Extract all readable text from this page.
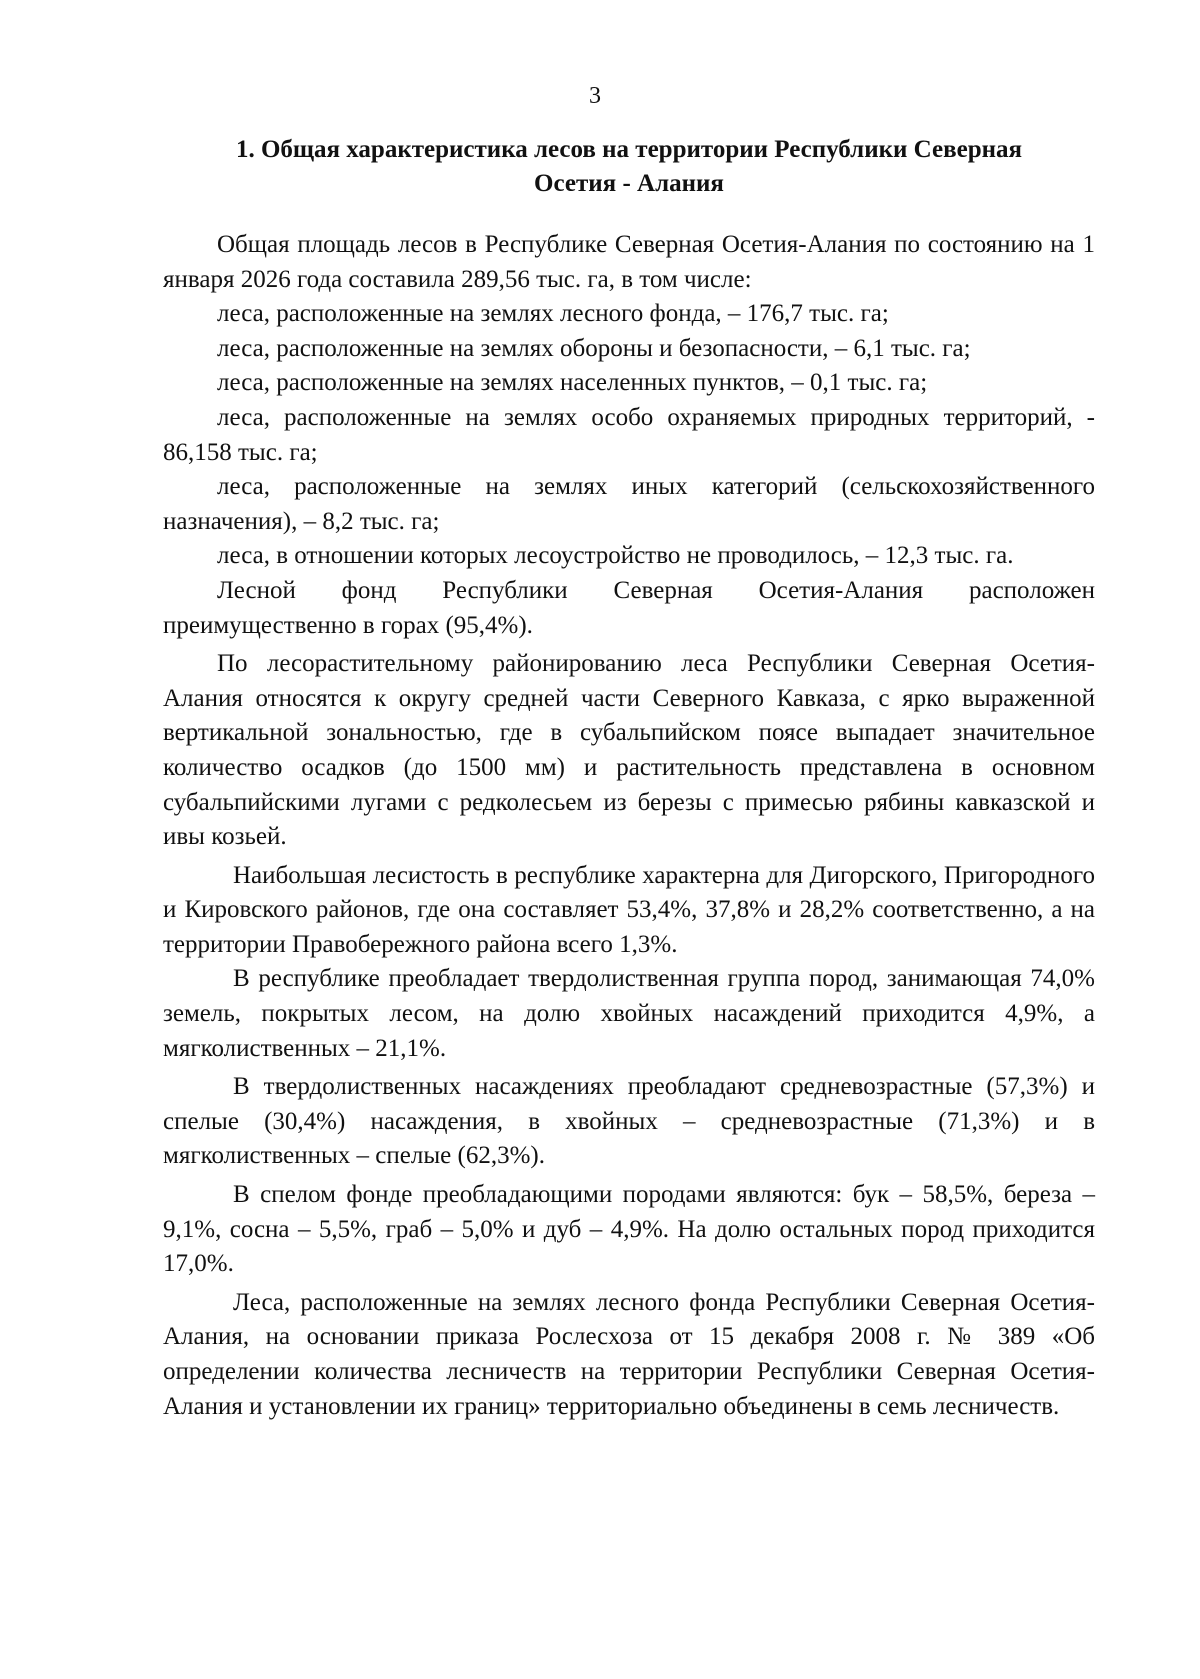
3
1. Общая характеристика лесов на территории Республики Северная
Осетия - Алания

Общая площадь лесов в Республике Северная Осетия-Алания по состоянию на 1 января 2026 года составила 289,56 тыс. га, в том числе:

леса, расположенные на землях лесного фонда, – 176,7 тыс. га;

леса, расположенные на землях обороны и безопасности, – 6,1 тыс. га;

леса, расположенные на землях населенных пунктов, – 0,1 тыс. га;

леса, расположенные на землях особо охраняемых природных территорий, - 86,158 тыс. га;

леса, расположенные на землях иных категорий (сельскохозяйственного назначения), – 8,2 тыс. га;

леса, в отношении которых лесоустройство не проводилось, – 12,3 тыс. га.

Лесной фонд Республики Северная Осетия-Алания расположен преимущественно в горах (95,4%).

По лесорастительному районированию леса Республики Северная Осетия-Алания относятся к округу средней части Северного Кавказа, с ярко выраженной вертикальной зональностью, где в субальпийском поясе выпадает значительное количество осадков (до 1500 мм) и растительность представлена в основном субальпийскими лугами с редколесьем из березы с примесью рябины кавказской и ивы козьей.

Наибольшая лесистость в республике характерна для Дигорского, Пригородного и Кировского районов, где она составляет 53,4%, 37,8% и 28,2% соответственно, а на территории Правобережного района всего 1,3%.

В республике преобладает твердолиственная группа пород, занимающая 74,0% земель, покрытых лесом, на долю хвойных насаждений приходится 4,9%, а мягколиственных – 21,1%.

В твердолиственных насаждениях преобладают средневозрастные (57,3%) и спелые (30,4%) насаждения, в хвойных – средневозрастные (71,3%) и в мягколиственных – спелые (62,3%).

В спелом фонде преобладающими породами являются: бук – 58,5%, береза – 9,1%, сосна – 5,5%, граб – 5,0% и дуб – 4,9%. На долю остальных пород приходится 17,0%.

Леса, расположенные на землях лесного фонда Республики Северная Осетия-Алания, на основании приказа Рослесхоза от 15 декабря 2008 г. № 389 «Об определении количества лесничеств на территории Республики Северная Осетия-Алания и установлении их границ» территориально объединены в семь лесничеств.
